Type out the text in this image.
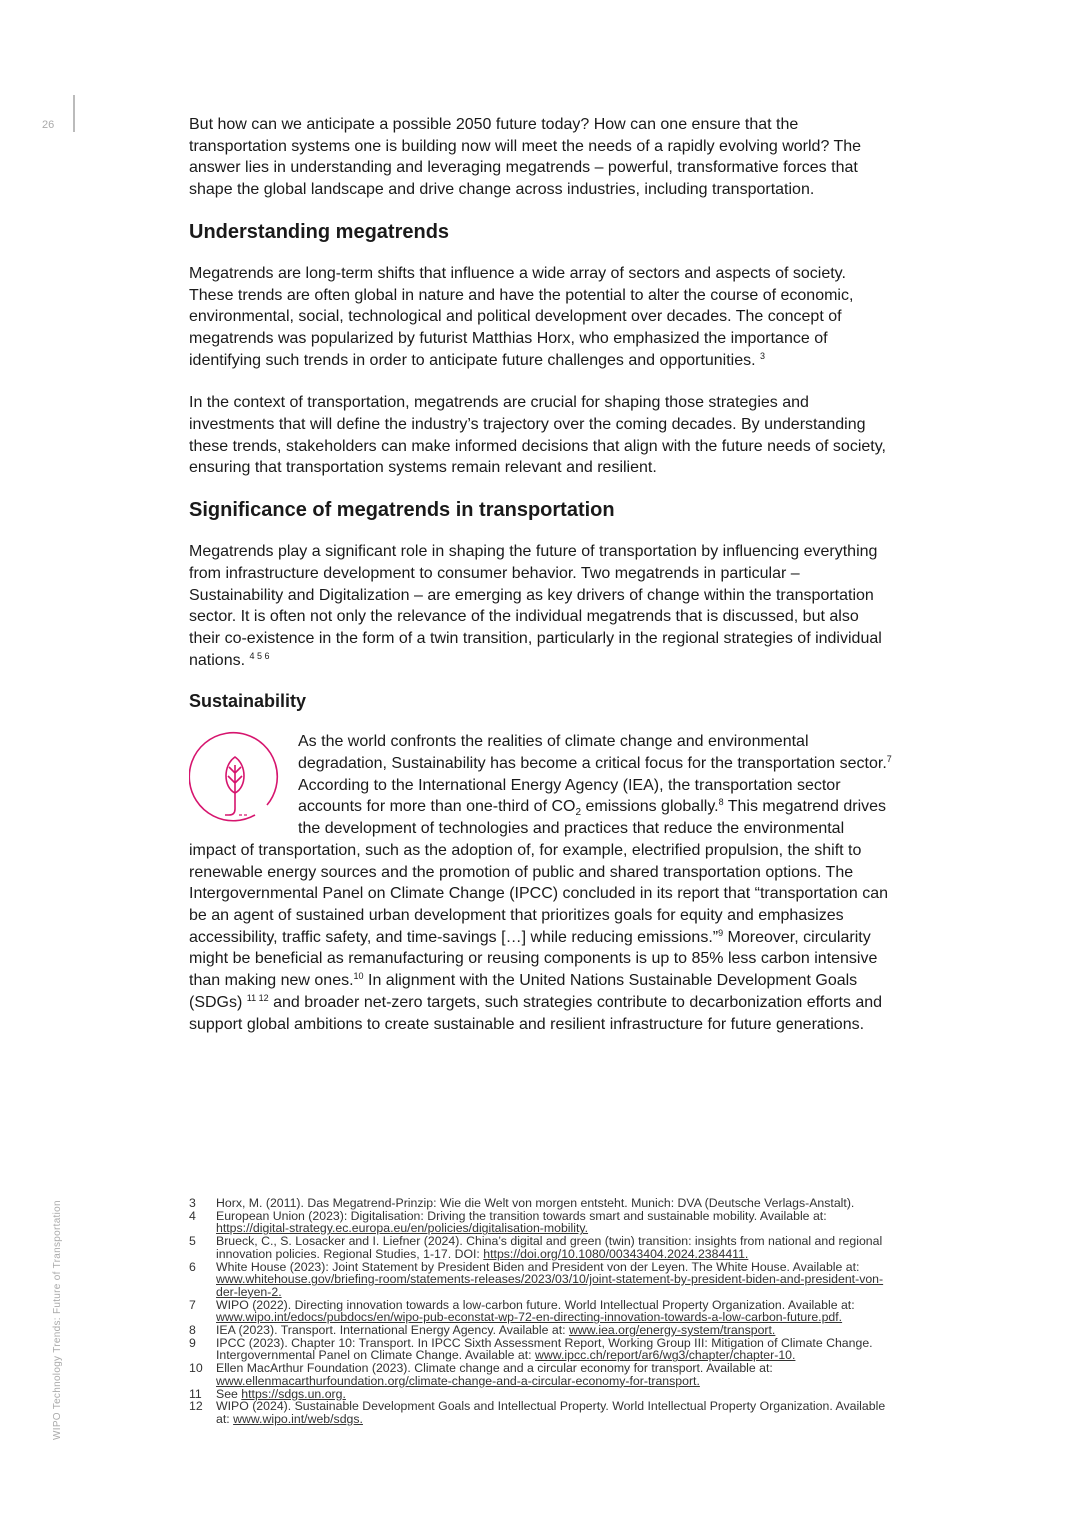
26
WIPO Technology Trends: Future of Transportation

But how can we anticipate a possible 2050 future today? How can one ensure that the transportation systems one is building now will meet the needs of a rapidly evolving world? The answer lies in understanding and leveraging megatrends – powerful, transformative forces that shape the global landscape and drive change across industries, including transportation.

Understanding megatrends

Megatrends are long-term shifts that influence a wide array of sectors and aspects of society. These trends are often global in nature and have the potential to alter the course of economic, environmental, social, technological and political development over decades. The concept of megatrends was popularized by futurist Matthias Horx, who emphasized the importance of identifying such trends in order to anticipate future challenges and opportunities. $^3$

In the context of transportation, megatrends are crucial for shaping those strategies and investments that will define the industry’s trajectory over the coming decades. By understanding these trends, stakeholders can make informed decisions that align with the future needs of society, ensuring that transportation systems remain relevant and resilient.

Significance of megatrends in transportation

Megatrends play a significant role in shaping the future of transportation by influencing everything from infrastructure development to consumer behavior. Two megatrends in particular – Sustainability and Digitalization – are emerging as key drivers of change within the transportation sector. It is often not only the relevance of the individual megatrends that is discussed, but also their co-existence in the form of a twin transition, particularly in the regional strategies of individual nations. $^{4 5 6}$

Sustainability

As the world confronts the realities of climate change and environmental degradation, Sustainability has become a critical focus for the transportation sector.$^7$ According to the International Energy Agency (IEA), the transportation sector accounts for more than one-third of $CO_2$ emissions globally.$^8$ This megatrend drives the development of technologies and practices that reduce the environmental impact of transportation, such as the adoption of, for example, electrified propulsion, the shift to renewable energy sources and the promotion of public and shared transportation options. The Intergovernmental Panel on Climate Change (IPCC) concluded in its report that “transportation can be an agent of sustained urban development that prioritizes goals for equity and emphasizes accessibility, traffic safety, and time-savings […] while reducing emissions.”$^9$ Moreover, circularity might be beneficial as remanufacturing or reusing components is up to 85% less carbon intensive than making new ones.$^{10}$ In alignment with the United Nations Sustainable Development Goals (SDGs) $^{11 12}$ and broader net-zero targets, such strategies contribute to decarbonization efforts and support global ambitions to create sustainable and resilient infrastructure for future generations.

3	Horx, M. (2011). Das Megatrend-Prinzip: Wie die Welt von morgen entsteht. Munich: DVA (Deutsche Verlags-Anstalt).
4	European Union (2023): Digitalisation: Driving the transition towards smart and sustainable mobility. Available at: https://digital-strategy.ec.europa.eu/en/policies/digitalisation-mobility.
5	Brueck, C., S. Losacker and I. Liefner (2024). China’s digital and green (twin) transition: insights from national and regional innovation policies. Regional Studies, 1-17. DOI: https://doi.org/10.1080/00343404.2024.2384411.
6	White House (2023): Joint Statement by President Biden and President von der Leyen. The White House. Available at: www.whitehouse.gov/briefing-room/statements-releases/2023/03/10/joint-statement-by-president-biden-and-president-von-der-leyen-2.
7	WIPO (2022). Directing innovation towards a low-carbon future. World Intellectual Property Organization. Available at: www.wipo.int/edocs/pubdocs/en/wipo-pub-econstat-wp-72-en-directing-innovation-towards-a-low-carbon-future.pdf.
8	IEA (2023). Transport. International Energy Agency. Available at: www.iea.org/energy-system/transport.
9	IPCC (2023). Chapter 10: Transport. In IPCC Sixth Assessment Report, Working Group III: Mitigation of Climate Change. Intergovernmental Panel on Climate Change. Available at: www.ipcc.ch/report/ar6/wg3/chapter/chapter-10.
10	Ellen MacArthur Foundation (2023). Climate change and a circular economy for transport. Available at: www.ellenmacarthurfoundation.org/climate-change-and-a-circular-economy-for-transport.
11	See https://sdgs.un.org.
12	WIPO (2024). Sustainable Development Goals and Intellectual Property. World Intellectual Property Organization. Available at: www.wipo.int/web/sdgs.
